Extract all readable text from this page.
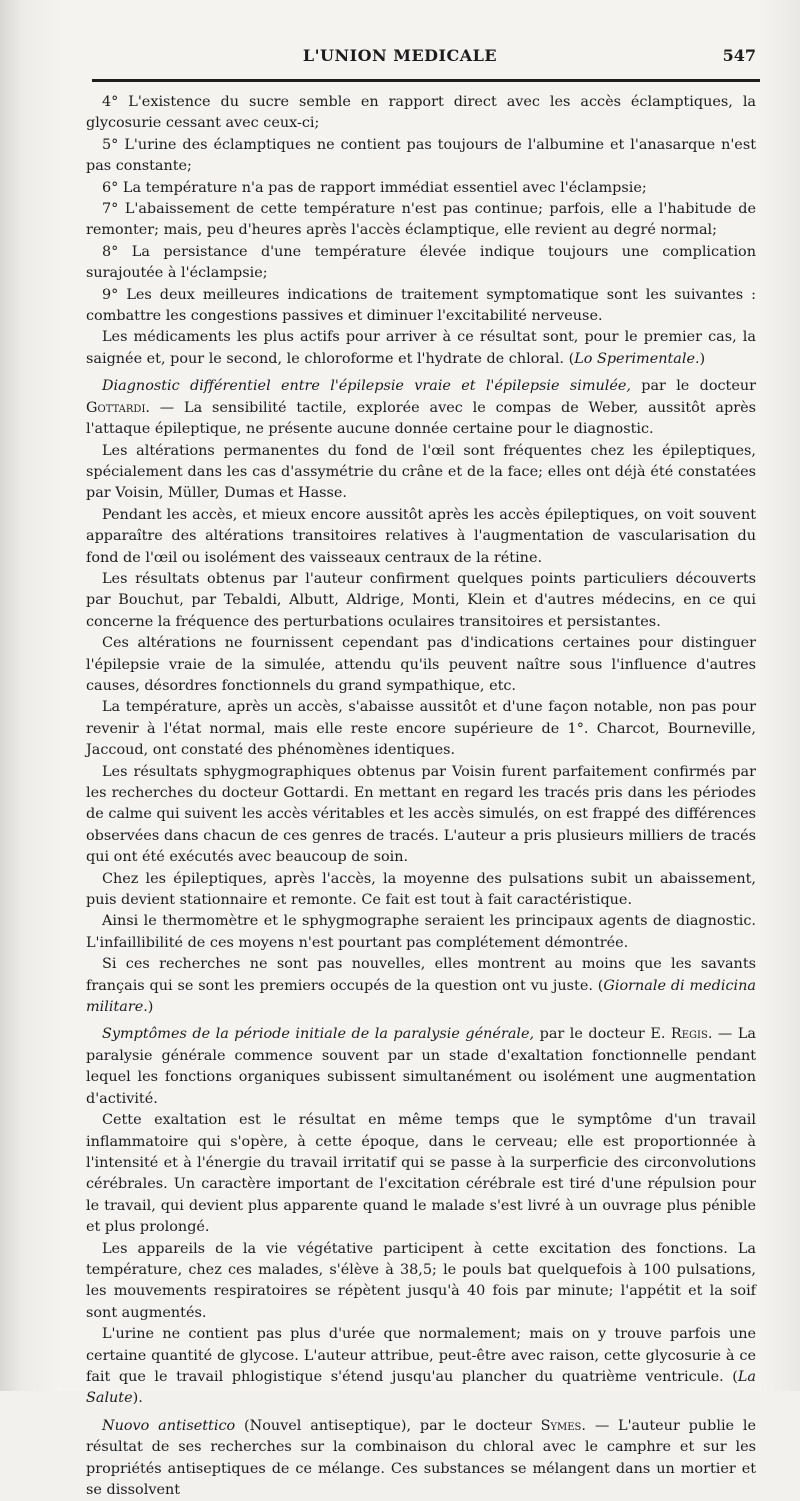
L'UNION MEDICALE	547

4° L'existence du sucre semble en rapport direct avec les accès éclamptiques, la glycosurie cessant avec ceux-ci;

5° L'urine des éclamptiques ne contient pas toujours de l'albumine et l'anasarque n'est pas constante;

6° La température n'a pas de rapport immédiat essentiel avec l'éclampsie;

7° L'abaissement de cette température n'est pas continue; parfois, elle a l'habitude de remonter; mais, peu d'heures après l'accès éclamptique, elle revient au degré normal;

8° La persistance d'une température élevée indique toujours une complication surajoutée à l'éclampsie;

9° Les deux meilleures indications de traitement symptomatique sont les suivantes : combattre les congestions passives et diminuer l'excitabilité nerveuse.

Les médicaments les plus actifs pour arriver à ce résultat sont, pour le premier cas, la saignée et, pour le second, le chloroforme et l'hydrate de chloral. (Lo Sperimentale.)

Diagnostic différentiel entre l'épilepsie vraie et l'épilepsie simulée, par le docteur Gottardi. — La sensibilité tactile, explorée avec le compas de Weber, aussitôt après l'attaque épileptique, ne présente aucune donnée certaine pour le diagnostic.

Les altérations permanentes du fond de l'œil sont fréquentes chez les épileptiques, spécialement dans les cas d'assymétrie du crâne et de la face; elles ont déjà été constatées par Voisin, Müller, Dumas et Hasse.

Pendant les accès, et mieux encore aussitôt après les accès épileptiques, on voit souvent apparaître des altérations transitoires relatives à l'augmentation de vascularisation du fond de l'œil ou isolément des vaisseaux centraux de la rétine.

Les résultats obtenus par l'auteur confirment quelques points particuliers découverts par Bouchut, par Tebaldi, Albutt, Aldrige, Monti, Klein et d'autres médecins, en ce qui concerne la fréquence des perturbations oculaires transitoires et persistantes.

Ces altérations ne fournissent cependant pas d'indications certaines pour distinguer l'épilepsie vraie de la simulée, attendu qu'ils peuvent naître sous l'influence d'autres causes, désordres fonctionnels du grand sympathique, etc.

La température, après un accès, s'abaisse aussitôt et d'une façon notable, non pas pour revenir à l'état normal, mais elle reste encore supérieure de 1°. Charcot, Bourneville, Jaccoud, ont constaté des phénomènes identiques.

Les résultats sphygmographiques obtenus par Voisin furent parfaitement confirmés par les recherches du docteur Gottardi. En mettant en regard les tracés pris dans les périodes de calme qui suivent les accès véritables et les accès simulés, on est frappé des différences observées dans chacun de ces genres de tracés. L'auteur a pris plusieurs milliers de tracés qui ont été exécutés avec beaucoup de soin.

Chez les épileptiques, après l'accès, la moyenne des pulsations subit un abaissement, puis devient stationnaire et remonte. Ce fait est tout à fait caractéristique.

Ainsi le thermomètre et le sphygmographe seraient les principaux agents de diagnostic. L'infaillibilité de ces moyens n'est pourtant pas complétement démontrée.

Si ces recherches ne sont pas nouvelles, elles montrent au moins que les savants français qui se sont les premiers occupés de la question ont vu juste. (Giornale di medicina militare.)

Symptômes de la période initiale de la paralysie générale, par le docteur E. Regis. — La paralysie générale commence souvent par un stade d'exaltation fonctionnelle pendant lequel les fonctions organiques subissent simultanément ou isolément une augmentation d'activité.

Cette exaltation est le résultat en même temps que le symptôme d'un travail inflammatoire qui s'opère, à cette époque, dans le cerveau; elle est proportionnée à l'intensité et à l'énergie du travail irritatif qui se passe à la surperficie des circonvolutions cérébrales. Un caractère important de l'excitation cérébrale est tiré d'une répulsion pour le travail, qui devient plus apparente quand le malade s'est livré à un ouvrage plus pénible et plus prolongé.

Les appareils de la vie végétative participent à cette excitation des fonctions. La température, chez ces malades, s'élève à 38,5; le pouls bat quelquefois à 100 pulsations, les mouvements respiratoires se répètent jusqu'à 40 fois par minute; l'appétit et la soif sont augmentés.

L'urine ne contient pas plus d'urée que normalement; mais on y trouve parfois une certaine quantité de glycose. L'auteur attribue, peut-être avec raison, cette glycosurie à ce fait que le travail phlogistique s'étend jusqu'au plancher du quatrième ventricule. (La Salute).

Nuovo antisettico (Nouvel antiseptique), par le docteur Symes. — L'auteur publie le résultat de ses recherches sur la combinaison du chloral avec le camphre et sur les propriétés antiseptiques de ce mélange. Ces substances se mélangent dans un mortier et se dissolvent
